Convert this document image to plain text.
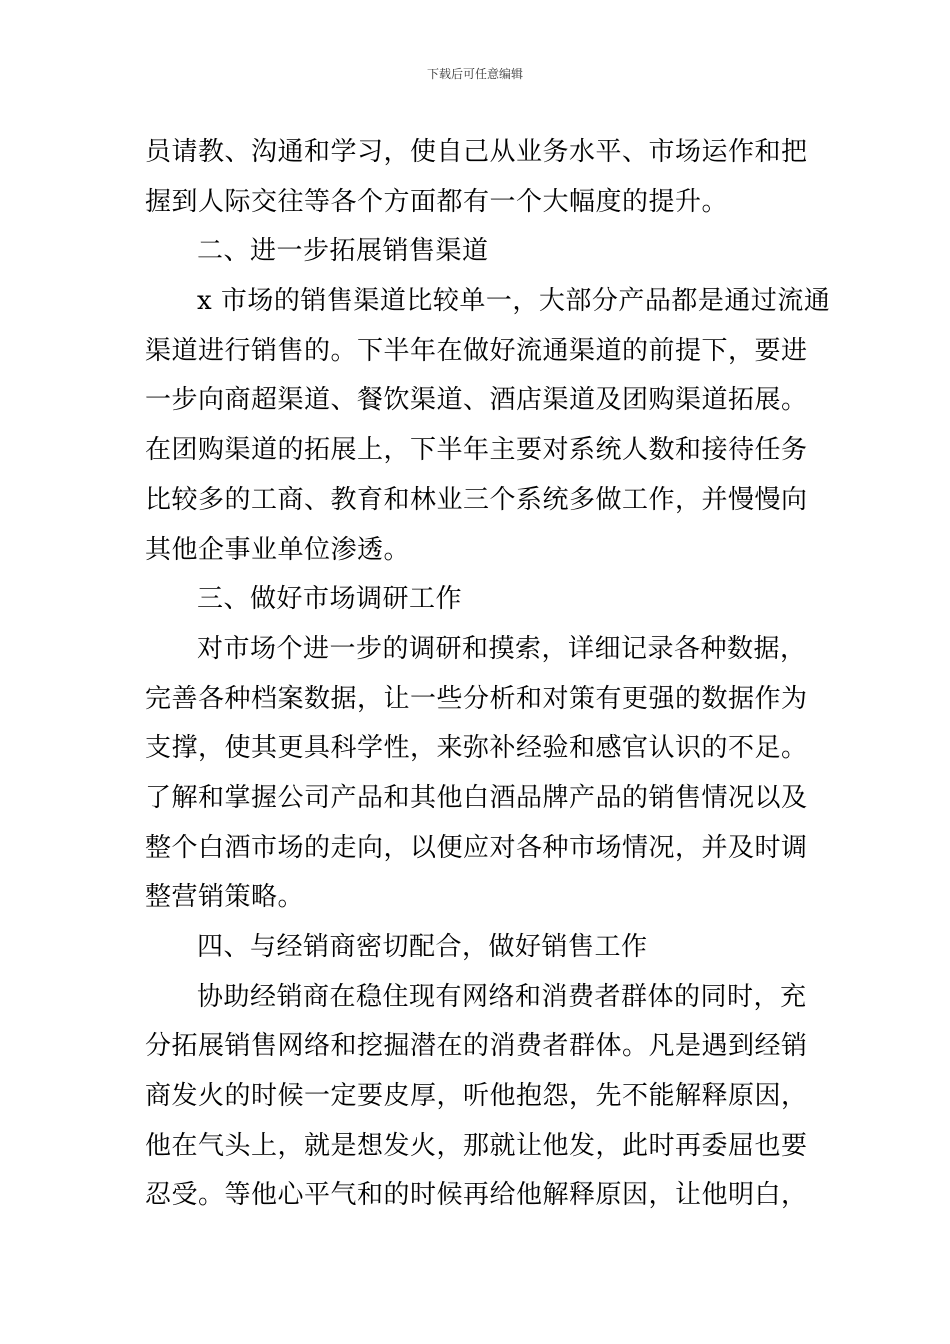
下载后可任意编辑
员请教、沟通和学习，使自己从业务水平、市场运作和把
握到人际交往等各个方面都有一个大幅度的提升。
二、进一步拓展销售渠道
x 市场的销售渠道比较单一，大部分产品都是通过流通
渠道进行销售的。下半年在做好流通渠道的前提下，要进
一步向商超渠道、餐饮渠道、酒店渠道及团购渠道拓展。
在团购渠道的拓展上，下半年主要对系统人数和接待任务
比较多的工商、教育和林业三个系统多做工作，并慢慢向
其他企事业单位渗透。
三、做好市场调研工作
对市场个进一步的调研和摸索，详细记录各种数据，
完善各种档案数据，让一些分析和对策有更强的数据作为
支撑，使其更具科学性，来弥补经验和感官认识的不足。
了解和掌握公司产品和其他白酒品牌产品的销售情况以及
整个白酒市场的走向，以便应对各种市场情况，并及时调
整营销策略。
四、与经销商密切配合，做好销售工作
协助经销商在稳住现有网络和消费者群体的同时，充
分拓展销售网络和挖掘潜在的消费者群体。凡是遇到经销
商发火的时候一定要皮厚，听他抱怨，先不能解释原因，
他在气头上，就是想发火，那就让他发，此时再委屈也要
忍受。等他心平气和的时候再给他解释原因，让他明白，
